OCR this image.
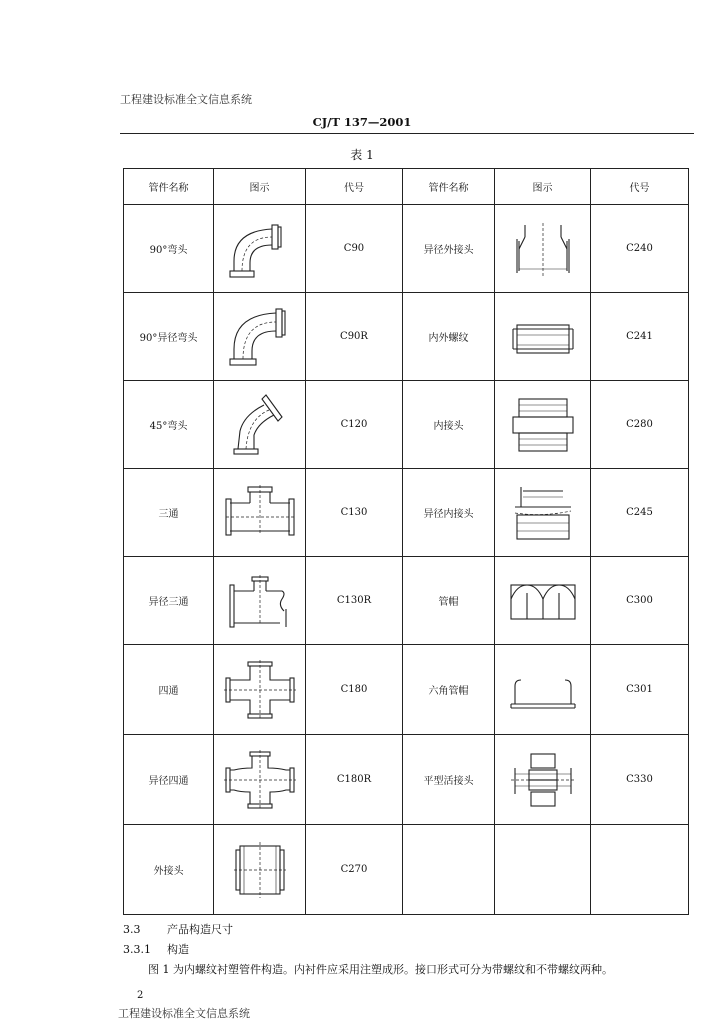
工程建设标准全文信息系统
CJ/T 137—2001
表 1
管件名称	图示	代号	管件名称	图示	代号
90°弯头		C90	异径外接头		C240
90°异径弯头		C90R	内外螺纹		C241
45°弯头		C120	内接头		C280
三通		C130	异径内接头		C245
异径三通		C130R	管帽		C300
四通		C180	六角管帽		C301
异径四通		C180R	平型活接头		C330
外接头		C270			
3.3 产品构造尺寸
3.3.1 构造
图 1 为内螺纹衬塑管件构造。内衬件应采用注塑成形。接口形式可分为带螺纹和不带螺纹两种。
2
工程建设标准全文信息系统
